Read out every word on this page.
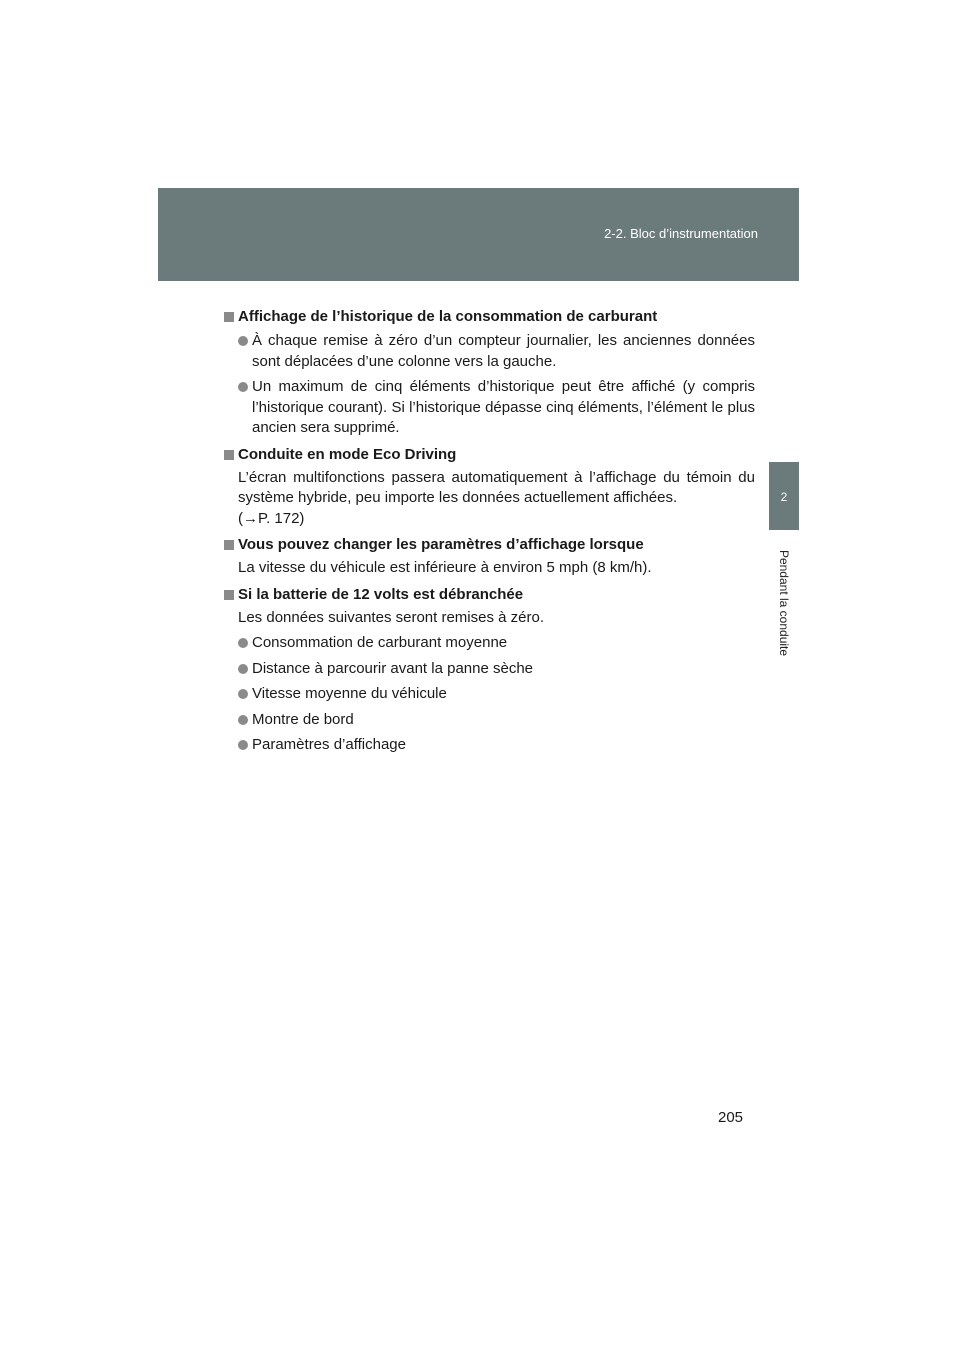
2-2. Bloc d’instrumentation
2
Pendant la conduite
Affichage de l’historique de la consommation de carburant
À chaque remise à zéro d’un compteur journalier, les anciennes données sont déplacées d’une colonne vers la gauche.
Un maximum de cinq éléments d’historique peut être affiché (y compris l’historique courant). Si l’historique dépasse cinq éléments, l’élément le plus ancien sera supprimé.
Conduite en mode Eco Driving
L’écran multifonctions passera automatiquement à l’affichage du témoin du système hybride, peu importe les données actuellement affichées.
(→P. 172)
Vous pouvez changer les paramètres d’affichage lorsque
La vitesse du véhicule est inférieure à environ 5 mph (8 km/h).
Si la batterie de 12 volts est débranchée
Les données suivantes seront remises à zéro.
Consommation de carburant moyenne
Distance à parcourir avant la panne sèche
Vitesse moyenne du véhicule
Montre de bord
Paramètres d’affichage
205
